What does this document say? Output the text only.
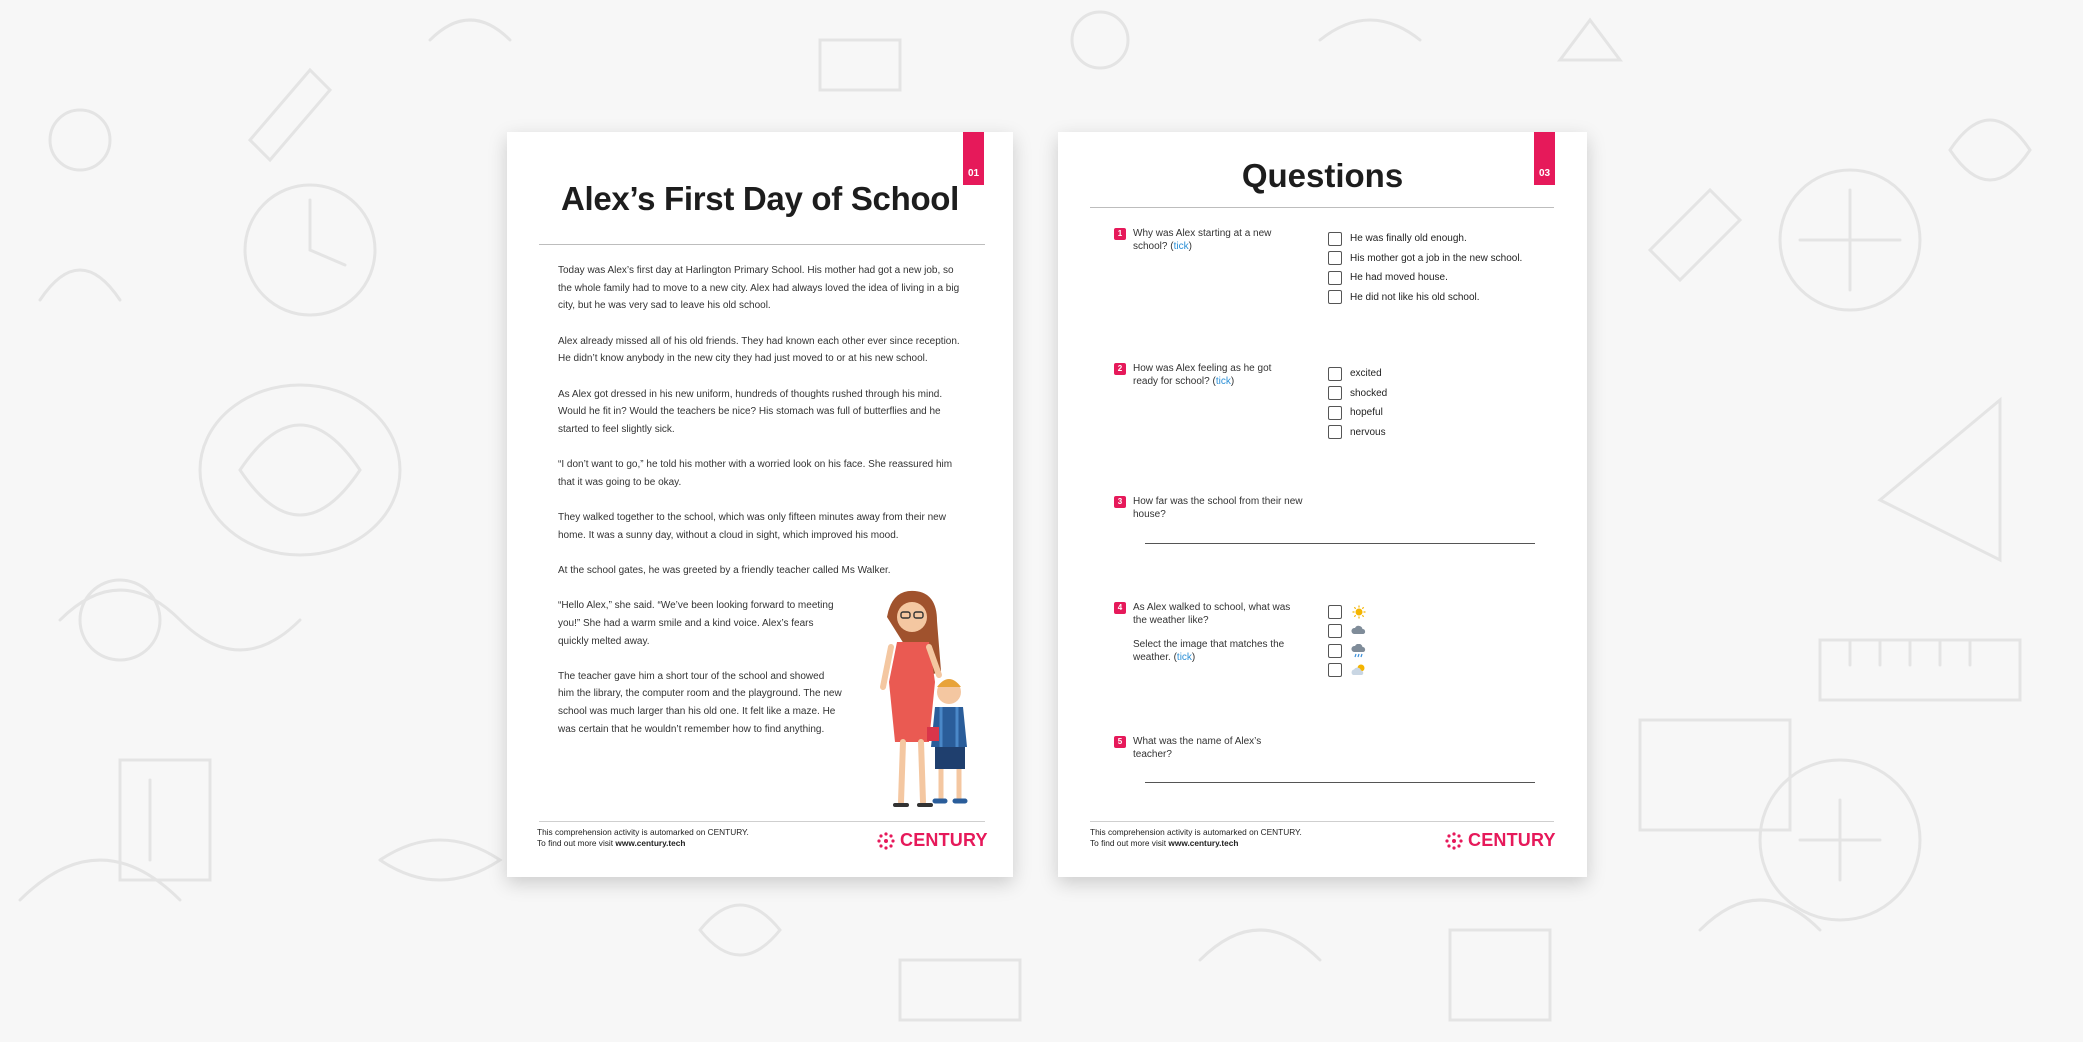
01
Alex’s First Day of School

Today was Alex’s first day at Harlington Primary School. His mother had got a new job, so the whole family had to move to a new city. Alex had always loved the idea of living in a big city, but he was very sad to leave his old school.

Alex already missed all of his old friends. They had known each other ever since reception. He didn’t know anybody in the new city they had just moved to or at his new school.

As Alex got dressed in his new uniform, hundreds of thoughts rushed through his mind. Would he fit in? Would the teachers be nice? His stomach was full of butterflies and he started to feel slightly sick.

“I don’t want to go,” he told his mother with a worried look on his face. She reassured him that it was going to be okay.

They walked together to the school, which was only fifteen minutes away from their new home. It was a sunny day, without a cloud in sight, which improved his mood.

At the school gates, he was greeted by a friendly teacher called Ms Walker.

“Hello Alex,” she said. “We’ve been looking forward to meeting you!” She had a warm smile and a kind voice. Alex’s fears quickly melted away.

The teacher gave him a short tour of the school and showed him the library, the computer room and the playground. The new school was much larger than his old one. It felt like a maze. He was certain that he wouldn’t remember how to find anything.

This comprehension activity is automarked on CENTURY.
To find out more visit www.century.tech	CENTURY
03
Questions
1	Why was Alex starting at a new school? (tick)
He was finally old enough.
His mother got a job in the new school.
He had moved house.
He did not like his old school.
2	How was Alex feeling as he got ready for school? (tick)
excited
shocked
hopeful
nervous
3	How far was the school from their new house?
4	As Alex walked to school, what was the weather like?
Select the image that matches the weather. (tick)
5	What was the name of Alex’s teacher?
This comprehension activity is automarked on CENTURY.
To find out more visit www.century.tech	CENTURY
